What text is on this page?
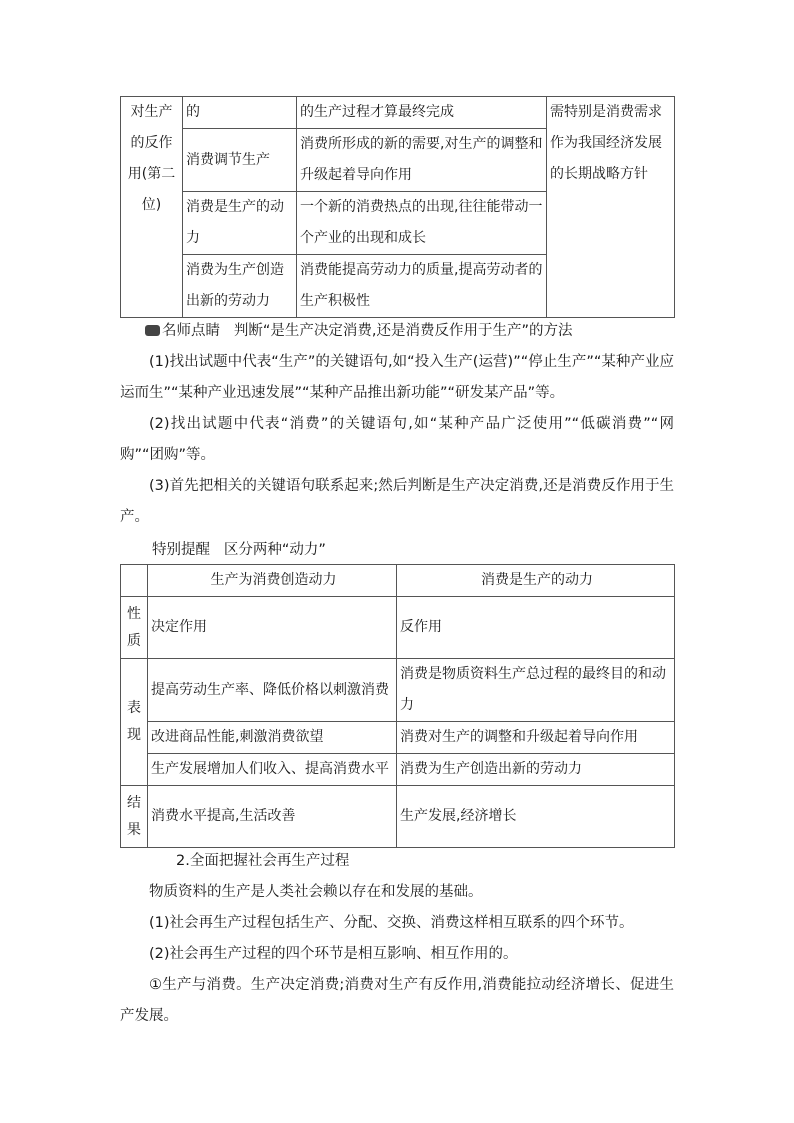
对生产的反作用(第二位)	的	的生产过程才算最终完成	需特别是消费需求作为我国经济发展的长期战略方针
	消费调节生产	消费所形成的新的需要,对生产的调整和升级起着导向作用	
	消费是生产的动力	一个新的消费热点的出现,往往能带动一个产业的出现和成长	
	消费为生产创造出新的劳动力	消费能提高劳动力的质量,提高劳动者的生产积极性	

名师点睛 判断“是生产决定消费,还是消费反作用于生产”的方法

(1)找出试题中代表“生产”的关键语句,如“投入生产(运营)”“停止生产”“某种产业应运而生”“某种产业迅速发展”“某种产品推出新功能”“研发某产品”等。

(2)找出试题中代表“消费”的关键语句,如“某种产品广泛使用”“低碳消费”“网购”“团购”等。

(3)首先把相关的关键语句联系起来;然后判断是生产决定消费,还是消费反作用于生产。

特别提醒 区分两种“动力”

	生产为消费创造动力	消费是生产的动力
性质	决定作用	反作用
表现	提高劳动生产率、降低价格以刺激消费	消费是物质资料生产总过程的最终目的和动力
	改进商品性能,刺激消费欲望	消费对生产的调整和升级起着导向作用
	生产发展增加人们收入、提高消费水平	消费为生产创造出新的劳动力
结果	消费水平提高,生活改善	生产发展,经济增长

2.全面把握社会再生产过程

物质资料的生产是人类社会赖以存在和发展的基础。

(1)社会再生产过程包括生产、分配、交换、消费这样相互联系的四个环节。

(2)社会再生产过程的四个环节是相互影响、相互作用的。

①生产与消费。生产决定消费;消费对生产有反作用,消费能拉动经济增长、促进生产发展。
